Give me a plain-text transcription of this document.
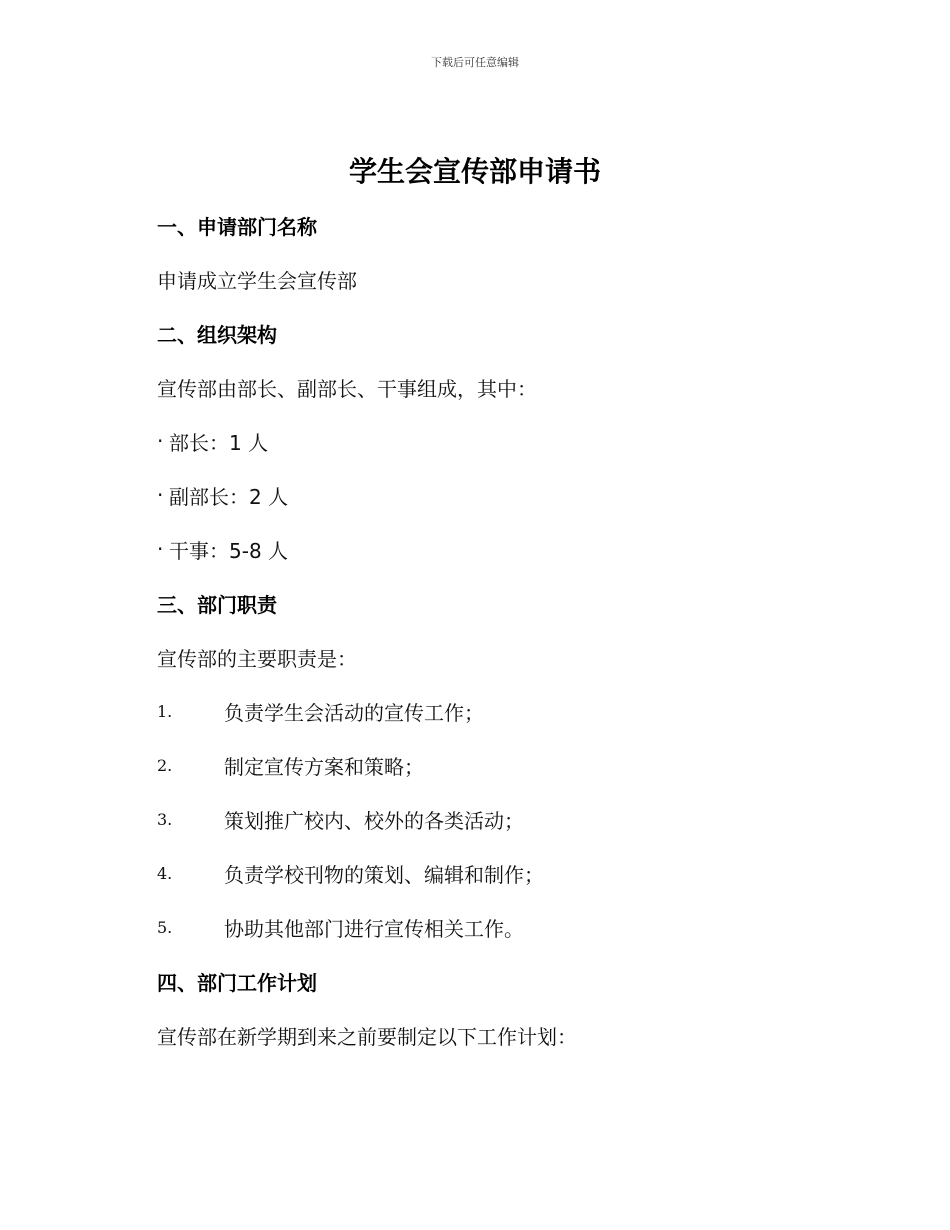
下载后可任意编辑
学生会宣传部申请书
一、申请部门名称
申请成立学生会宣传部
二、组织架构
宣传部由部长、副部长、干事组成，其中：
· 部长：1 人
· 副部长：2 人
· 干事：5-8 人
三、部门职责
宣传部的主要职责是：
1.	负责学生会活动的宣传工作；
2.	制定宣传方案和策略；
3.	策划推广校内、校外的各类活动；
4.	负责学校刊物的策划、编辑和制作；
5.	协助其他部门进行宣传相关工作。
四、部门工作计划
宣传部在新学期到来之前要制定以下工作计划：
